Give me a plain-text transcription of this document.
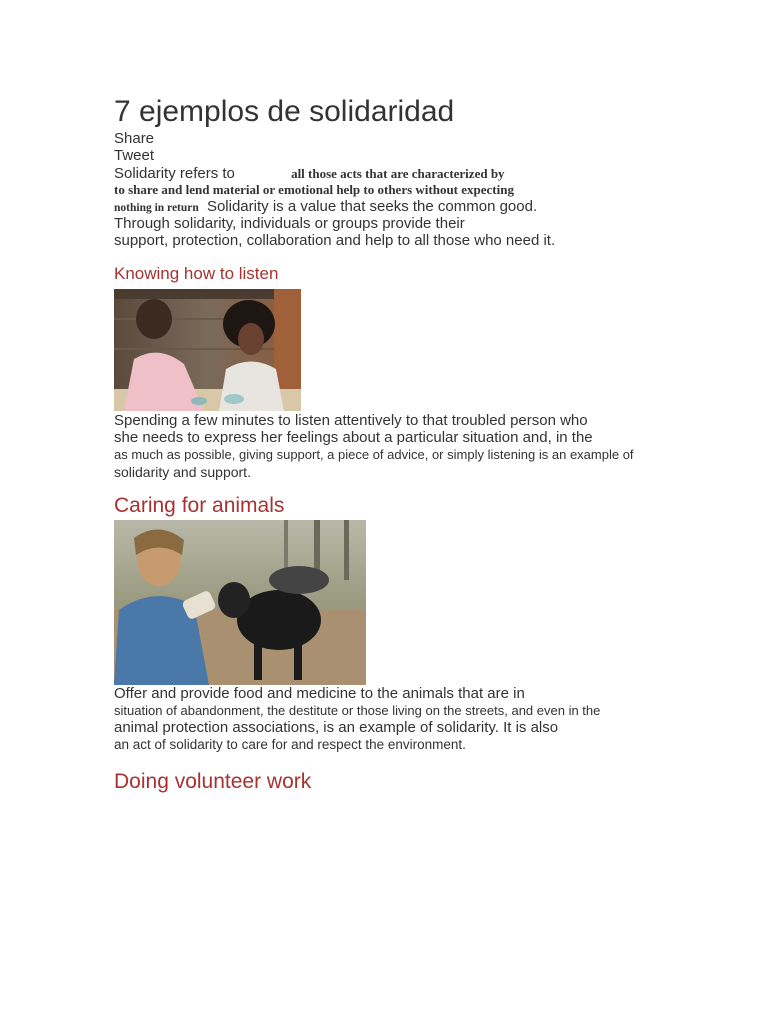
7 ejemplos de solidaridad
Share
Tweet
Solidarity refers to	all those acts that are characterized by
to share and lend material or emotional help to others without expecting
nothing in return Solidarity is a value that seeks the common good.
Through solidarity, individuals or groups provide their
support, protection, collaboration and help to all those who need it.
Knowing how to listen
Spending a few minutes to listen attentively to that troubled person who
she needs to express her feelings about a particular situation and, in the
as much as possible, giving support, a piece of advice, or simply listening is an example of
solidarity and support.
Caring for animals
Offer and provide food and medicine to the animals that are in
situation of abandonment, the destitute or those living on the streets, and even in the
animal protection associations, is an example of solidarity. It is also
an act of solidarity to care for and respect the environment.
Doing volunteer work
